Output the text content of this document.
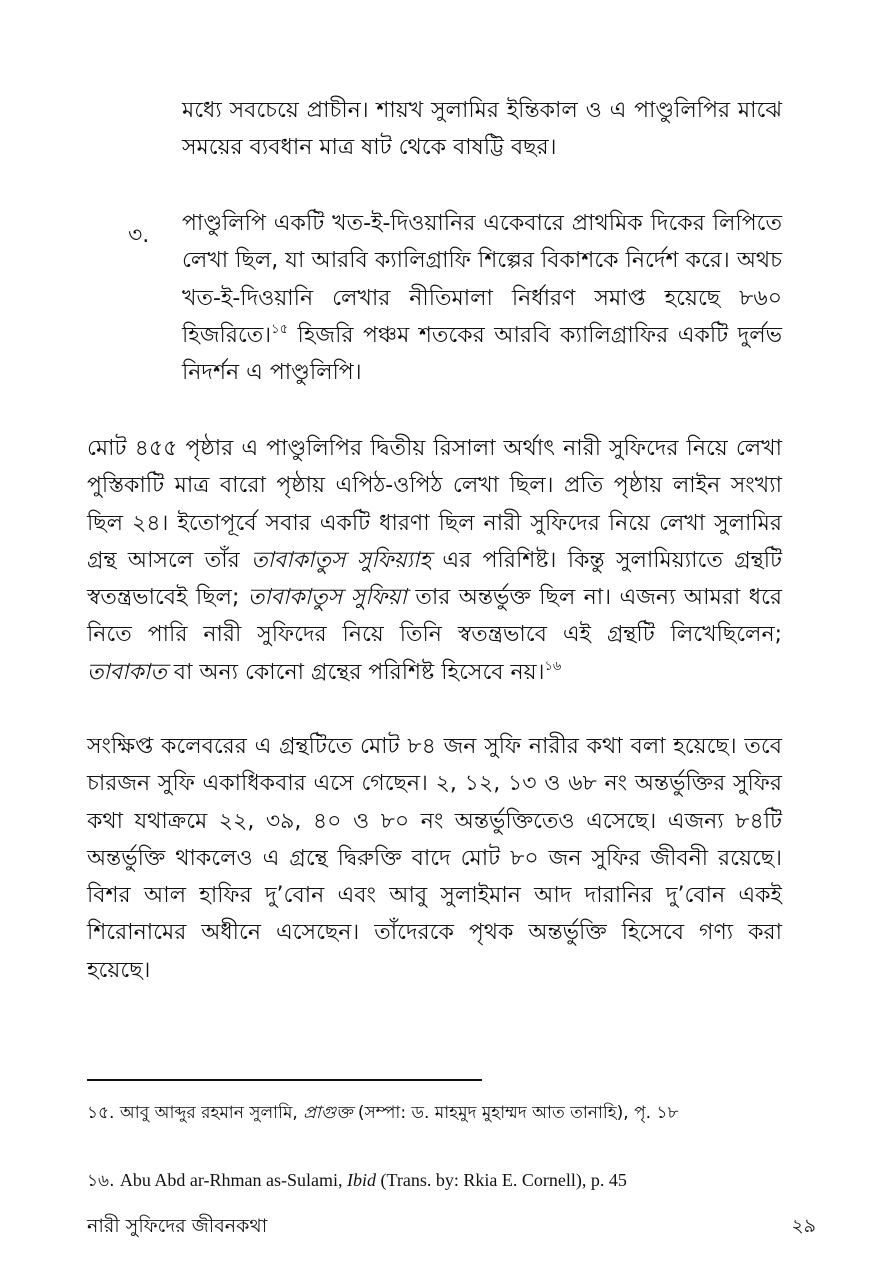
মধ্যে সবচেয়ে প্রাচীন। শায়খ সুলামির ইন্তিকাল ও এ পাণ্ডুলিপির মাঝে সময়ের ব্যবধান মাত্র ষাট থেকে বাষট্টি বছর।

৩. পাণ্ডুলিপি একটি খত-ই-দিওয়ানির একেবারে প্রাথমিক দিকের লিপিতে লেখা ছিল, যা আরবি ক্যালিগ্রাফি শিল্পের বিকাশকে নির্দেশ করে। অথচ খত-ই-দিওয়ানি লেখার নীতিমালা নির্ধারণ সমাপ্ত হয়েছে ৮৬০ হিজরিতে।$^{১৫}$ হিজরি পঞ্চম শতকের আরবি ক্যালিগ্রাফির একটি দুর্লভ নিদর্শন এ পাণ্ডুলিপি।

মোট ৪৫৫ পৃষ্ঠার এ পাণ্ডুলিপির দ্বিতীয় রিসালা অর্থাৎ নারী সুফিদের নিয়ে লেখা পুস্তিকাটি মাত্র বারো পৃষ্ঠায় এপিঠ-ওপিঠ লেখা ছিল। প্রতি পৃষ্ঠায় লাইন সংখ্যা ছিল ২৪। ইতোপূর্বে সবার একটি ধারণা ছিল নারী সুফিদের নিয়ে লেখা সুলামির গ্রন্থ আসলে তাঁর তাবাকাতুস সুফিয়্যাহ এর পরিশিষ্ট। কিন্তু সুলামিয়্যাতে গ্রন্থটি স্বতন্ত্রভাবেই ছিল; তাবাকাতুস সুফিয়া তার অন্তর্ভুক্ত ছিল না। এজন্য আমরা ধরে নিতে পারি নারী সুফিদের নিয়ে তিনি স্বতন্ত্রভাবে এই গ্রন্থটি লিখেছিলেন; তাবাকাত বা অন্য কোনো গ্রন্থের পরিশিষ্ট হিসেবে নয়।$^{১৬}$

সংক্ষিপ্ত কলেবরের এ গ্রন্থটিতে মোট ৮৪ জন সুফি নারীর কথা বলা হয়েছে। তবে চারজন সুফি একাধিকবার এসে গেছেন। ২, ১২, ১৩ ও ৬৮ নং অন্তর্ভুক্তির সুফির কথা যথাক্রমে ২২, ৩৯, ৪০ ও ৮০ নং অন্তর্ভুক্তিতেও এসেছে। এজন্য ৮৪টি অন্তর্ভুক্তি থাকলেও এ গ্রন্থে দ্বিরুক্তি বাদে মোট ৮০ জন সুফির জীবনী রয়েছে। বিশর আল হাফির দু’বোন এবং আবু সুলাইমান আদ দারানির দু’বোন একই শিরোনামের অধীনে এসেছেন। তাঁদেরকে পৃথক অন্তর্ভুক্তি হিসেবে গণ্য করা হয়েছে।

১৫. আবু আব্দুর রহমান সুলামি, প্রাগুক্ত (সম্পা: ড. মাহমুদ মুহাম্মদ আত তানাহি), পৃ. ১৮

১৬. Abu Abd ar-Rhman as-Sulami, Ibid (Trans. by: Rkia E. Cornell), p. 45

নারী সুফিদের জীবনকথা	২৯
